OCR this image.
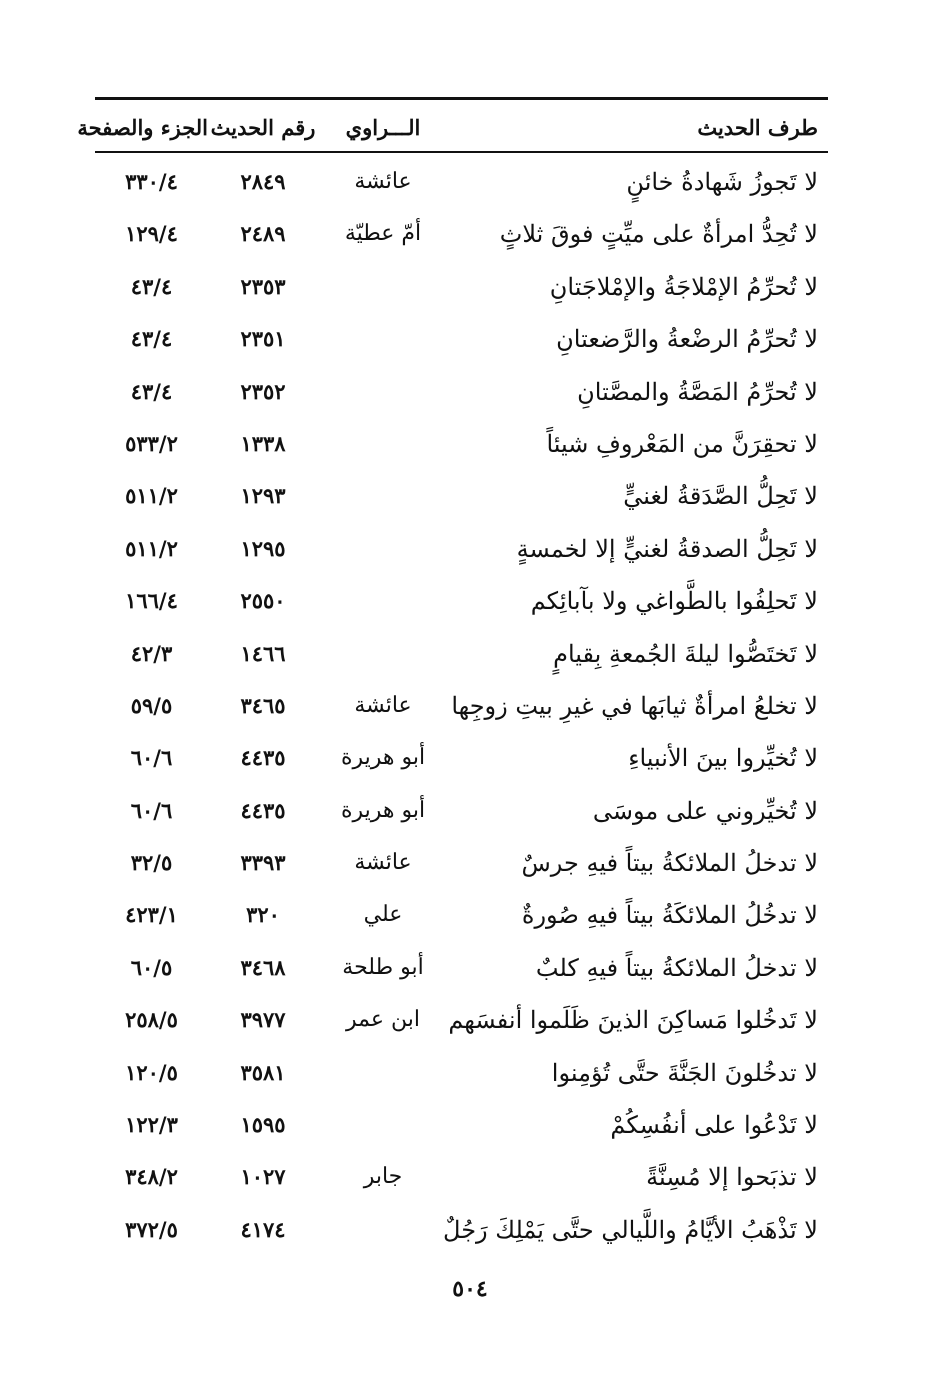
طرف الحديث
الـــراوي
رقم الحديث
الجزء والصفحة
لا تَجوزُ شَهادةُ خائنٍ
عائشة
٢٨٤٩
٣٣٠/٤
لا تُحِدُّ امرأةٌ على ميِّتٍ فوقَ ثلاثٍ
أمّ عطيّة
٢٤٨٩
١٢٩/٤
لا تُحرِّمُ الإمْلاجَةُ والإمْلاجَتانِ
٢٣٥٣
٤٣/٤
لا تُحرِّمُ الرضْعةُ والرَّضعتانِ
٢٣٥١
٤٣/٤
لا تُحرِّمُ المَصَّةُ والمصَّتانِ
٢٣٥٢
٤٣/٤
لا تحقِرَنَّ من المَعْروفِ شيئاً
١٣٣٨
٥٣٣/٢
لا تَحِلُّ الصَّدَقةُ لغنيٍّ
١٢٩٣
٥١١/٢
لا تَحِلُّ الصدقةُ لغنيٍّ إلا لخمسةٍ
١٢٩٥
٥١١/٢
لا تَحلِفُوا بالطَّواغي ولا بآبائِكم
٢٥٥٠
١٦٦/٤
لا تَختَصُّوا ليلةَ الجُمعةِ بِقيامٍ
١٤٦٦
٤٢/٣
لا تخلعُ امرأةٌ ثيابَها في غيرِ بيتِ زوجِها
عائشة
٣٤٦٥
٥٩/٥
لا تُخيِّروا بينَ الأنبياءِ
أبو هريرة
٤٤٣٥
٦٠/٦
لا تُخيِّروني على موسَى
أبو هريرة
٤٤٣٥
٦٠/٦
لا تدخلُ الملائكةُ بيتاً فيهِ جرسٌ
عائشة
٣٣٩٣
٣٢/٥
لا تدخُلُ الملائكَةُ بيتاً فيهِ صُورةٌ
علي
٣٢٠
٤٢٣/١
لا تدخلُ الملائكةُ بيتاً فيهِ كلبٌ
أبو طلحة
٣٤٦٨
٦٠/٥
لا تَدخُلوا مَساكِنَ الذينَ ظَلَموا أنفسَهم
ابن عمر
٣٩٧٧
٢٥٨/٥
لا تدخُلونَ الجَنَّةَ حتَّى تُؤمِنوا
٣٥٨١
١٢٠/٥
لا تَدْعُوا على أنفُسِكُمْ
١٥٩٥
١٢٢/٣
لا تذبَحوا إلا مُسِنَّةً
جابر
١٠٢٧
٣٤٨/٢
لا تَذْهَبُ الأيَّامُ واللَّيالي حتَّى يَمْلِكَ رَجُلٌ
٤١٧٤
٣٧٢/٥
٥٠٤
